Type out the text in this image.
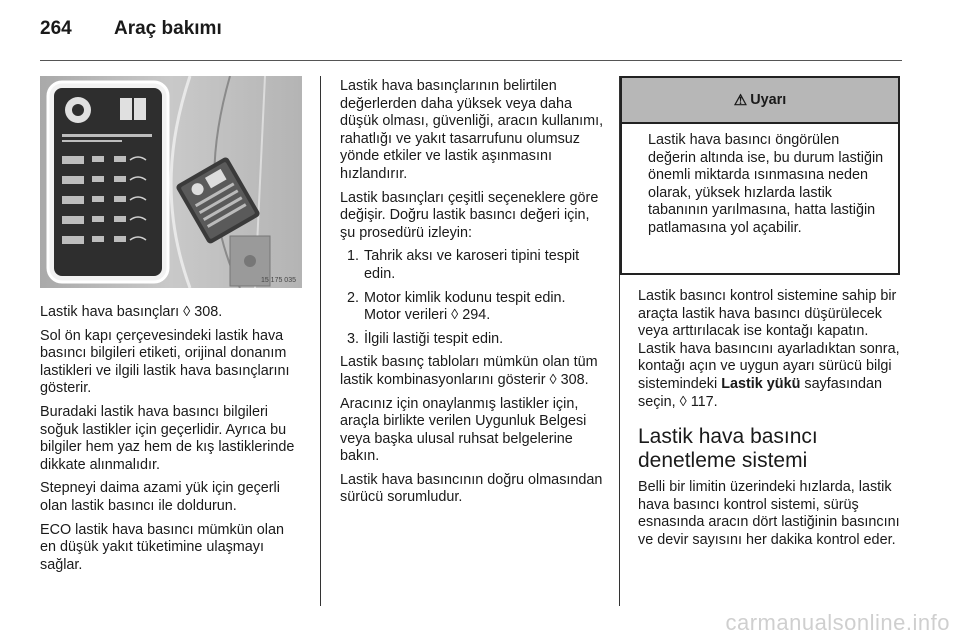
264 Araç bakımı
15 175 035

Lastik hava basınçları ◊ 308.

Sol ön kapı çerçevesindeki lastik hava basıncı bilgileri etiketi, orijinal donanım lastikleri ve ilgili lastik hava basınçlarını gösterir.

Buradaki lastik hava basıncı bilgileri soğuk lastikler için geçerlidir. Ayrıca bu bilgiler hem yaz hem de kış lastiklerinde dikkate alınmalıdır.

Stepneyi daima azami yük için geçerli olan lastik basıncı ile doldurun.

ECO lastik hava basıncı mümkün olan en düşük yakıt tüketimine ulaşmayı sağlar.

Lastik hava basınçlarının belirtilen değerlerden daha yüksek veya daha düşük olması, güvenliği, aracın kullanımı, rahatlığı ve yakıt tasarrufunu olumsuz yönde etkiler ve lastik aşınmasını hızlandırır.

Lastik basınçları çeşitli seçeneklere göre değişir. Doğru lastik basıncı değeri için, şu prosedürü izleyin:

1. Tahrik aksı ve karoseri tipini tespit edin.
2. Motor kimlik kodunu tespit edin. Motor verileri ◊ 294.
3. İlgili lastiği tespit edin.

Lastik basınç tabloları mümkün olan tüm lastik kombinasyonlarını gösterir ◊ 308.

Aracınız için onaylanmış lastikler için, araçla birlikte verilen Uygunluk Belgesi veya başka ulusal ruhsat belgelerine bakın.

Lastik hava basıncının doğru olmasından sürücü sorumludur.

⚠ Uyarı
Lastik hava basıncı öngörülen değerin altında ise, bu durum lastiğin önemli miktarda ısınmasına neden olarak, yüksek hızlarda lastik tabanının yarılmasına, hatta lastiğin patlamasına yol açabilir.

Lastik basıncı kontrol sistemine sahip bir araçta lastik hava basıncı düşürülecek veya arttırılacak ise kontağı kapatın. Lastik hava basıncını ayarladıktan sonra, kontağı açın ve uygun ayarı sürücü bilgi sistemindeki Lastik yükü sayfasından seçin, ◊ 117.

Lastik hava basıncı denetleme sistemi

Belli bir limitin üzerindeki hızlarda, lastik hava basıncı kontrol sistemi, sürüş esnasında aracın dört lastiğinin basıncını ve devir sayısını her dakika kontrol eder.

carmanualsonline.info
